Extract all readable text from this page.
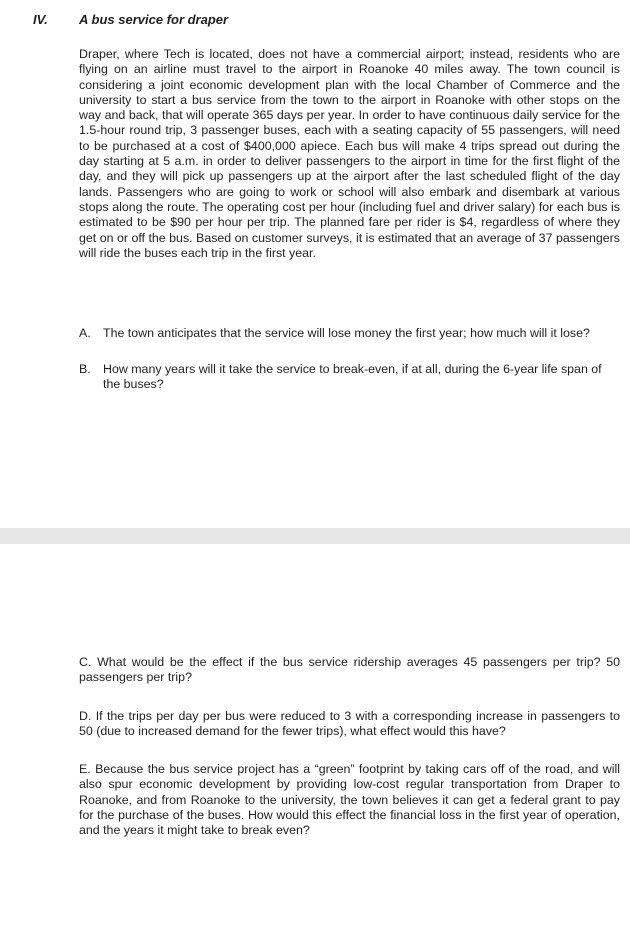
IV. A bus service for draper

Draper, where Tech is located, does not have a commercial airport; instead, residents who are flying on an airline must travel to the airport in Roanoke 40 miles away. The town council is considering a joint economic development plan with the local Chamber of Commerce and the university to start a bus service from the town to the airport in Roanoke with other stops on the way and back, that will operate 365 days per year. In order to have continuous daily service for the 1.5-hour round trip, 3 passenger buses, each with a seating capacity of 55 passengers, will need to be purchased at a cost of $400,000 apiece. Each bus will make 4 trips spread out during the day starting at 5 a.m. in order to deliver passengers to the airport in time for the first flight of the day, and they will pick up passengers up at the airport after the last scheduled flight of the day lands. Passengers who are going to work or school will also embark and disembark at various stops along the route. The operating cost per hour (including fuel and driver salary) for each bus is estimated to be $90 per hour per trip. The planned fare per rider is $4, regardless of where they get on or off the bus. Based on customer surveys, it is estimated that an average of 37 passengers will ride the buses each trip in the first year.

A. The town anticipates that the service will lose money the first year; how much will it lose?
B. How many years will it take the service to break-even, if at all, during the 6-year life span of the buses?

C. What would be the effect if the bus service ridership averages 45 passengers per trip? 50 passengers per trip?

D. If the trips per day per bus were reduced to 3 with a corresponding increase in passengers to 50 (due to increased demand for the fewer trips), what effect would this have?

E. Because the bus service project has a “green” footprint by taking cars off of the road, and will also spur economic development by providing low-cost regular transportation from Draper to Roanoke, and from Roanoke to the university, the town believes it can get a federal grant to pay for the purchase of the buses. How would this effect the financial loss in the first year of operation, and the years it might take to break even?
